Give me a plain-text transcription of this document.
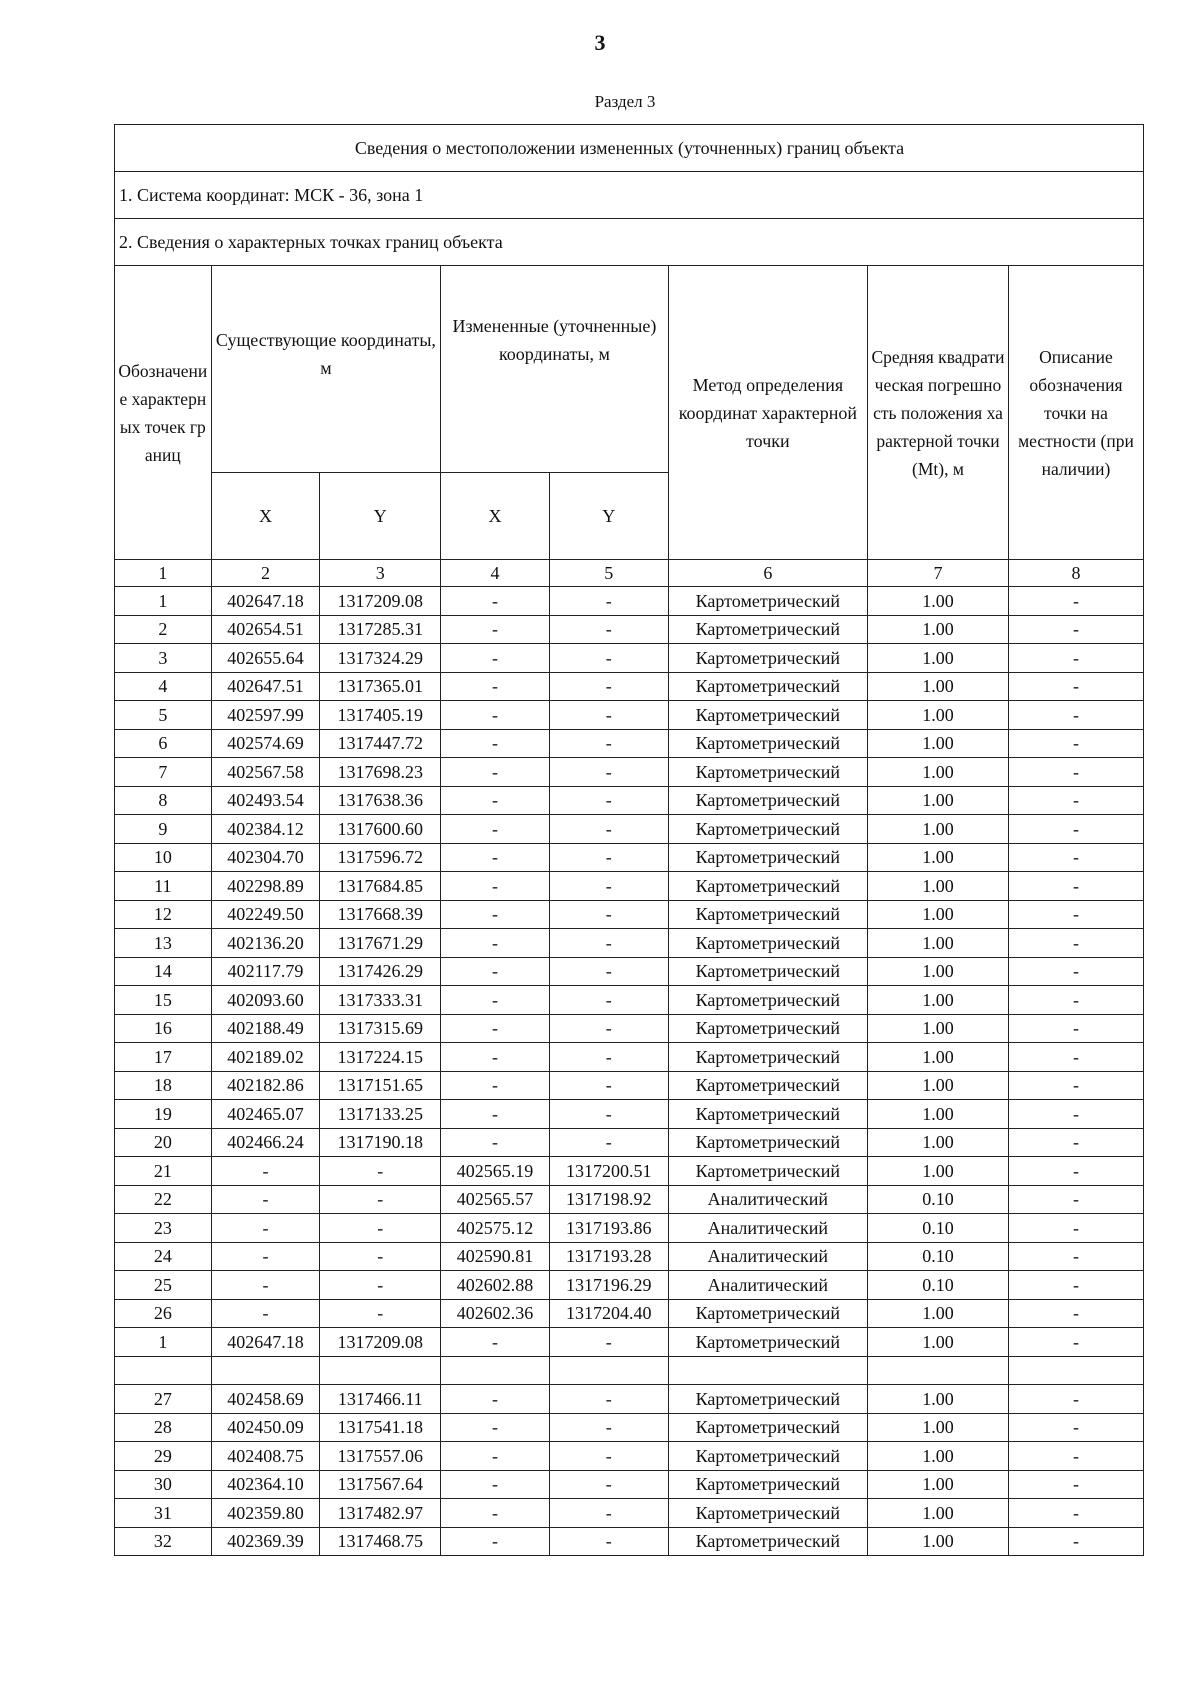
3
Раздел 3
Сведения о местоположении измененных (уточненных) границ объекта							
1. Система координат: МСК - 36, зона 1							
2. Сведения о характерных точках границ объекта							
Обозначение характерных точек границ	Существующие координаты, м		Измененные (уточненные) координаты, м		Метод определения координат характерной точки	Средняя квадратическая погрешность положения характерной точки (Mt), м	Описание обозначения точки на местности (при наличии)
	X	Y	X	Y			
1	2	3	4	5	6	7	8
1	402647.18	1317209.08	-	-	Картометрический	1.00	-
2	402654.51	1317285.31	-	-	Картометрический	1.00	-
3	402655.64	1317324.29	-	-	Картометрический	1.00	-
4	402647.51	1317365.01	-	-	Картометрический	1.00	-
5	402597.99	1317405.19	-	-	Картометрический	1.00	-
6	402574.69	1317447.72	-	-	Картометрический	1.00	-
7	402567.58	1317698.23	-	-	Картометрический	1.00	-
8	402493.54	1317638.36	-	-	Картометрический	1.00	-
9	402384.12	1317600.60	-	-	Картометрический	1.00	-
10	402304.70	1317596.72	-	-	Картометрический	1.00	-
11	402298.89	1317684.85	-	-	Картометрический	1.00	-
12	402249.50	1317668.39	-	-	Картометрический	1.00	-
13	402136.20	1317671.29	-	-	Картометрический	1.00	-
14	402117.79	1317426.29	-	-	Картометрический	1.00	-
15	402093.60	1317333.31	-	-	Картометрический	1.00	-
16	402188.49	1317315.69	-	-	Картометрический	1.00	-
17	402189.02	1317224.15	-	-	Картометрический	1.00	-
18	402182.86	1317151.65	-	-	Картометрический	1.00	-
19	402465.07	1317133.25	-	-	Картометрический	1.00	-
20	402466.24	1317190.18	-	-	Картометрический	1.00	-
21	-	-	402565.19	1317200.51	Картометрический	1.00	-
22	-	-	402565.57	1317198.92	Аналитический	0.10	-
23	-	-	402575.12	1317193.86	Аналитический	0.10	-
24	-	-	402590.81	1317193.28	Аналитический	0.10	-
25	-	-	402602.88	1317196.29	Аналитический	0.10	-
26	-	-	402602.36	1317204.40	Картометрический	1.00	-
1	402647.18	1317209.08	-	-	Картометрический	1.00	-

27	402458.69	1317466.11	-	-	Картометрический	1.00	-
28	402450.09	1317541.18	-	-	Картометрический	1.00	-
29	402408.75	1317557.06	-	-	Картометрический	1.00	-
30	402364.10	1317567.64	-	-	Картометрический	1.00	-
31	402359.80	1317482.97	-	-	Картометрический	1.00	-
32	402369.39	1317468.75	-	-	Картометрический	1.00	-
